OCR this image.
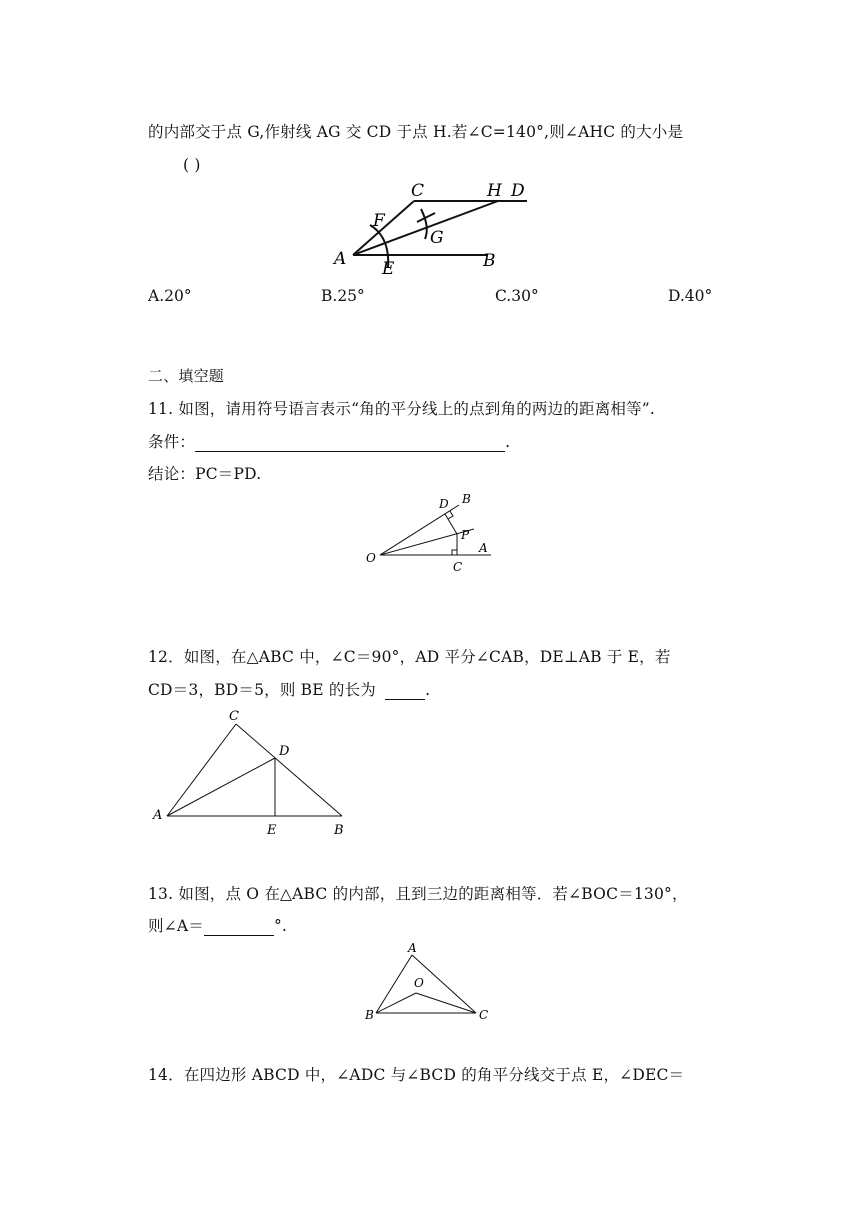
的内部交于点 G,作射线 AG 交 CD 于点 H.若∠C=140°,则∠AHC 的大小是
( )
A E	B
F
C
G
H D
A.20°	B.25°	C.30°	D.40°
二、填空题
11. 如图，请用符号语言表示“角的平分线上的点到角的两边的距离相等”.
条件：	.
结论：PC＝PD.
O
D B
P
A
C
12．如图，在△ABC 中，∠C＝90°，AD 平分∠CAB，DE⊥AB 于 E，若
CD＝3，BD＝5，则 BE 的长为	.
A
C
D
E	B
13. 如图，点 O 在△ABC 的内部，且到三边的距离相等．若∠BOC＝130°，
则∠A＝	°.
A
O
B	C
14．在四边形 ABCD 中，∠ADC 与∠BCD 的角平分线交于点 E，∠DEC＝
